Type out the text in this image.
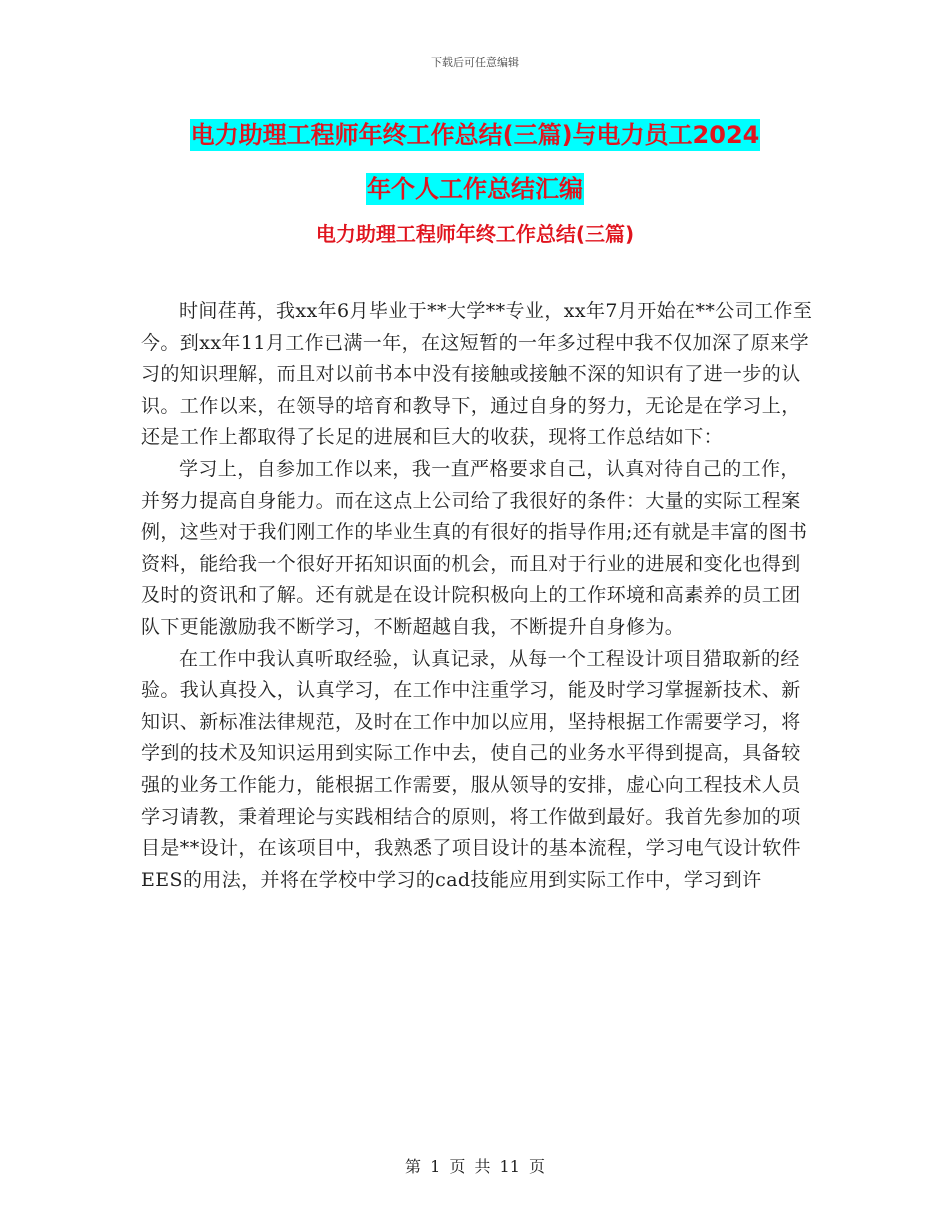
下载后可任意编辑
电力助理工程师年终工作总结(三篇)与电力员工2024
年个人工作总结汇编
电力助理工程师年终工作总结(三篇)

时间荏苒，我xx年6月毕业于**大学**专业，xx年7月开始在**公司工作至今。到xx年11月工作已满一年，在这短暂的一年多过程中我不仅加深了原来学习的知识理解，而且对以前书本中没有接触或接触不深的知识有了进一步的认识。工作以来，在领导的培育和教导下，通过自身的努力，无论是在学习上，还是工作上都取得了长足的进展和巨大的收获，现将工作总结如下：

学习上，自参加工作以来，我一直严格要求自己，认真对待自己的工作，并努力提高自身能力。而在这点上公司给了我很好的条件：大量的实际工程案例，这些对于我们刚工作的毕业生真的有很好的指导作用;还有就是丰富的图书资料，能给我一个很好开拓知识面的机会，而且对于行业的进展和变化也得到及时的资讯和了解。还有就是在设计院积极向上的工作环境和高素养的员工团队下更能激励我不断学习，不断超越自我，不断提升自身修为。

在工作中我认真听取经验，认真记录，从每一个工程设计项目猎取新的经验。我认真投入，认真学习，在工作中注重学习，能及时学习掌握新技术、新知识、新标准法律规范，及时在工作中加以应用，坚持根据工作需要学习，将学到的技术及知识运用到实际工作中去，使自己的业务水平得到提高，具备较强的业务工作能力，能根据工作需要，服从领导的安排，虚心向工程技术人员学习请教，秉着理论与实践相结合的原则，将工作做到最好。我首先参加的项目是**设计，在该项目中，我熟悉了项目设计的基本流程，学习电气设计软件EES的用法，并将在学校中学习的cad技能应用到实际工作中，学习到许

第 1 页 共 11 页
